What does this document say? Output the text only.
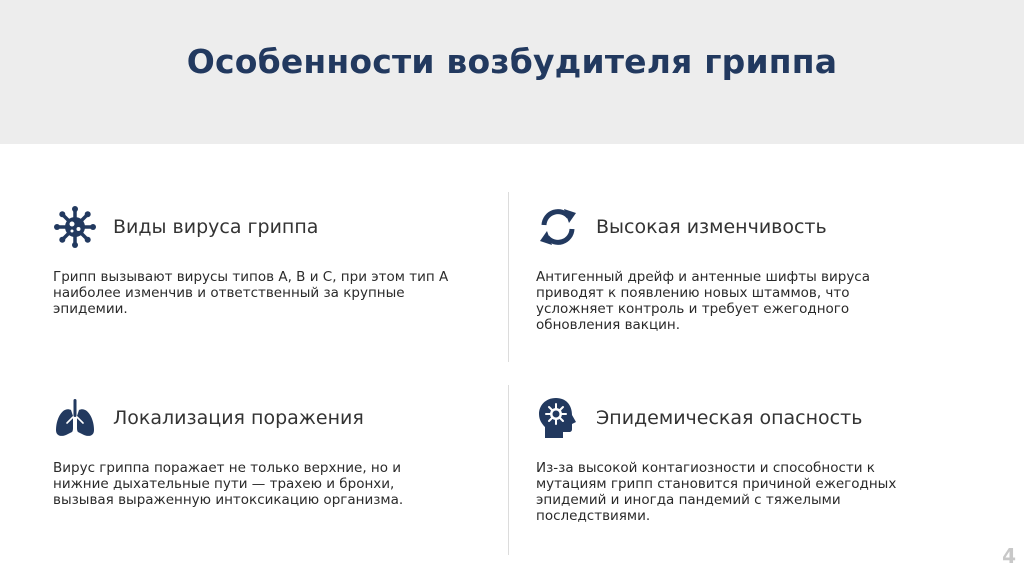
Особенности возбудителя гриппа
Виды вируса гриппа
Грипп вызывают вирусы типов A, B и C, при этом тип A наиболее изменчив и ответственный за крупные эпидемии.
Высокая изменчивость
Антигенный дрейф и антенные шифты вируса приводят к появлению новых штаммов, что усложняет контроль и требует ежегодного обновления вакцин.
Локализация поражения
Вирус гриппа поражает не только верхние, но и нижние дыхательные пути — трахею и бронхи, вызывая выраженную интоксикацию организма.
Эпидемическая опасность
Из-за высокой контагиозности и способности к мутациям грипп становится причиной ежегодных эпидемий и иногда пандемий с тяжелыми последствиями.
4
